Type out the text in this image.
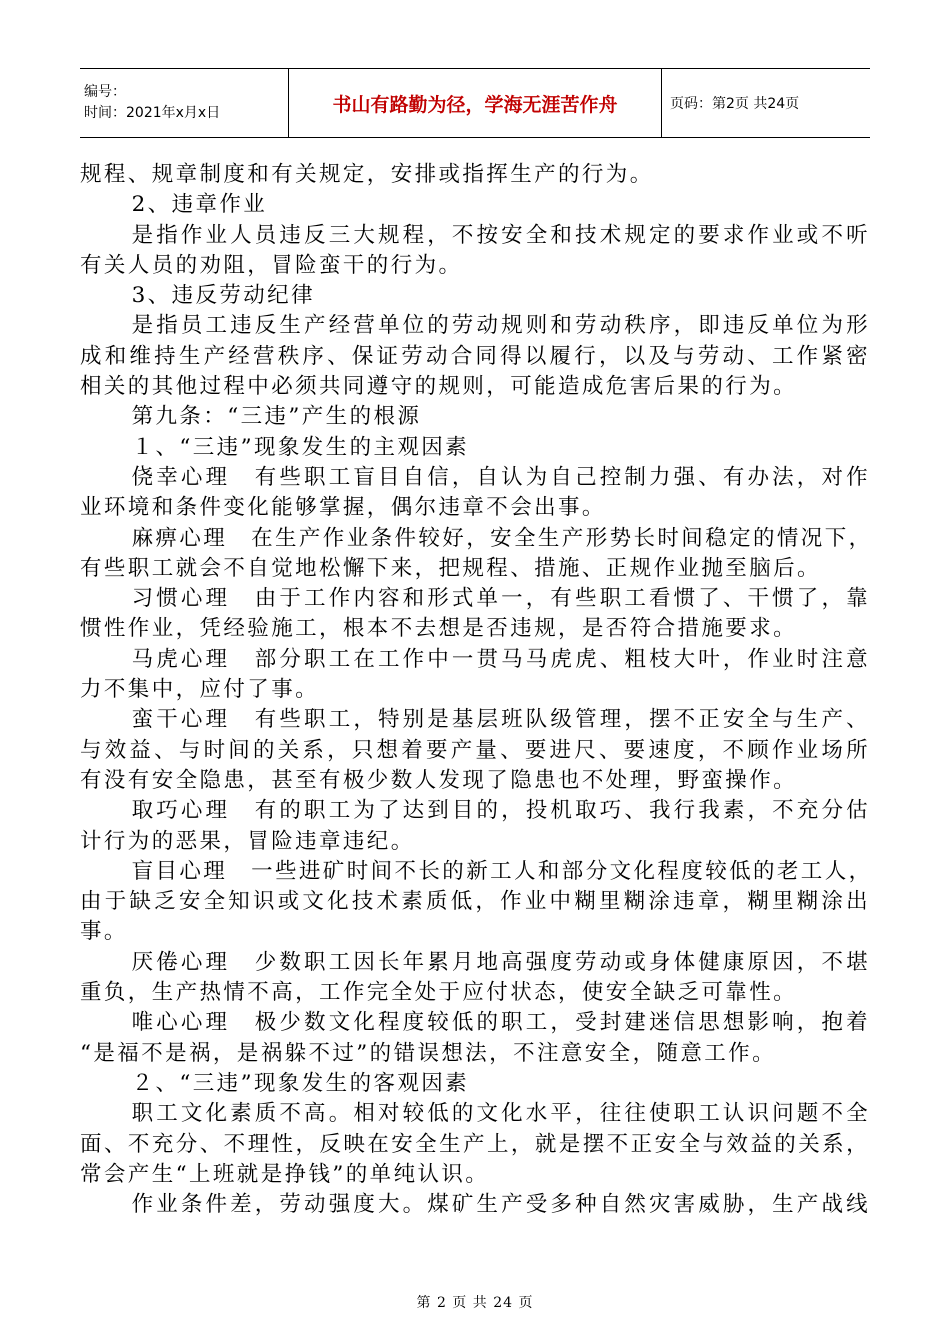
编号：
时间：2021年x月x日	书山有路勤为径，学海无涯苦作舟	页码：第2页 共24页
规程、规章制度和有关规定，安排或指挥生产的行为。
2、违章作业
是指作业人员违反三大规程，不按安全和技术规定的要求作业或不听
有关人员的劝阻，冒险蛮干的行为。
3、违反劳动纪律
是指员工违反生产经营单位的劳动规则和劳动秩序，即违反单位为形
成和维持生产经营秩序、保证劳动合同得以履行，以及与劳动、工作紧密
相关的其他过程中必须共同遵守的规则，可能造成危害后果的行为。
第九条：“三违”产生的根源
１、“三违”现象发生的主观因素
侥幸心理　有些职工盲目自信，自认为自己控制力强、有办法，对作
业环境和条件变化能够掌握，偶尔违章不会出事。
麻痹心理　在生产作业条件较好，安全生产形势长时间稳定的情况下，
有些职工就会不自觉地松懈下来，把规程、措施、正规作业抛至脑后。
习惯心理　由于工作内容和形式单一，有些职工看惯了、干惯了，靠
惯性作业，凭经验施工，根本不去想是否违规，是否符合措施要求。
马虎心理　部分职工在工作中一贯马马虎虎、粗枝大叶，作业时注意
力不集中，应付了事。
蛮干心理　有些职工，特别是基层班队级管理，摆不正安全与生产、
与效益、与时间的关系，只想着要产量、要进尺、要速度，不顾作业场所
有没有安全隐患，甚至有极少数人发现了隐患也不处理，野蛮操作。
取巧心理　有的职工为了达到目的，投机取巧、我行我素，不充分估
计行为的恶果，冒险违章违纪。
盲目心理　一些进矿时间不长的新工人和部分文化程度较低的老工人，
由于缺乏安全知识或文化技术素质低，作业中糊里糊涂违章，糊里糊涂出
事。
厌倦心理　少数职工因长年累月地高强度劳动或身体健康原因，不堪
重负，生产热情不高，工作完全处于应付状态，使安全缺乏可靠性。
唯心心理　极少数文化程度较低的职工，受封建迷信思想影响，抱着
“是福不是祸，是祸躲不过”的错误想法，不注意安全，随意工作。
２、“三违”现象发生的客观因素
职工文化素质不高。相对较低的文化水平，往往使职工认识问题不全
面、不充分、不理性，反映在安全生产上，就是摆不正安全与效益的关系，
常会产生“上班就是挣钱”的单纯认识。
作业条件差，劳动强度大。煤矿生产受多种自然灾害威胁，生产战线
第 2 页 共 24 页
